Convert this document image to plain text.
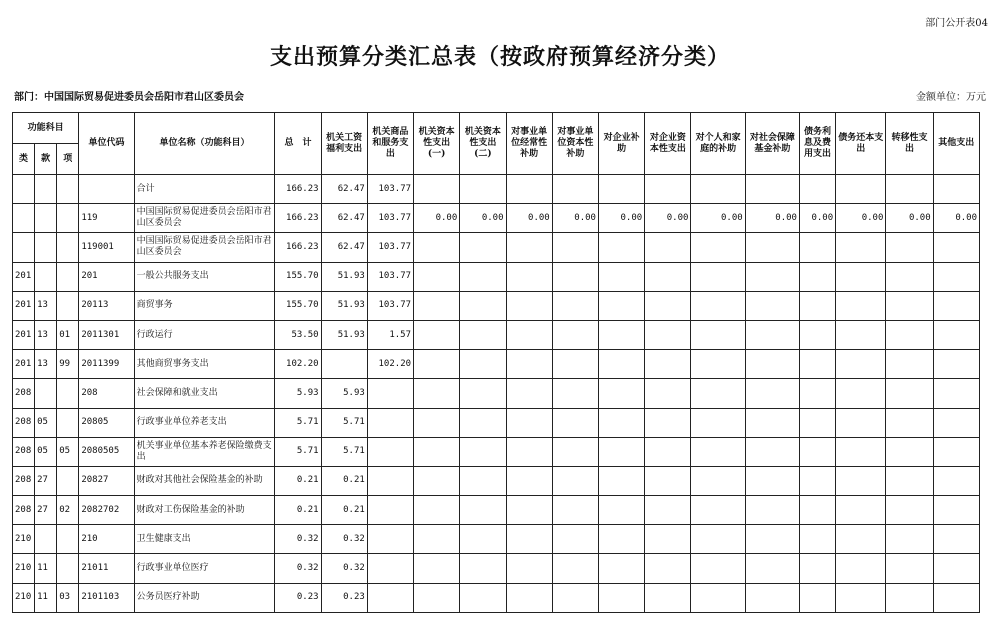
部门公开表04
支出预算分类汇总表（按政府预算经济分类）
部门：中国国际贸易促进委员会岳阳市君山区委员会	金额单位：万元
功能科目			单位代码	单位名称（功能科目）	总　计	机关工资福利支出	机关商品和服务支出	机关资本性支出(一)	机关资本性支出(二)	对事业单位经常性补助	对事业单位资本性补助	对企业补助	对企业资本性支出	对个人和家庭的补助	对社会保障基金补助	债务利息及费用支出	债务还本支出	转移性支出	其他支出
类	款	项																	
				合计	166.23	62.47	103.77												
			119	中国国际贸易促进委员会岳阳市君山区委员会	166.23	62.47	103.77	0.00	0.00	0.00	0.00	0.00	0.00	0.00	0.00	0.00	0.00	0.00	0.00
			119001	中国国际贸易促进委员会岳阳市君山区委员会	166.23	62.47	103.77												
201			201	一般公共服务支出	155.70	51.93	103.77												
201	13		20113	商贸事务	155.70	51.93	103.77												
201	13	01	2011301	行政运行	53.50	51.93	1.57												
201	13	99	2011399	其他商贸事务支出	102.20		102.20												
208			208	社会保障和就业支出	5.93	5.93													
208	05		20805	行政事业单位养老支出	5.71	5.71													
208	05	05	2080505	机关事业单位基本养老保险缴费支出	5.71	5.71													
208	27		20827	财政对其他社会保险基金的补助	0.21	0.21													
208	27	02	2082702	财政对工伤保险基金的补助	0.21	0.21													
210			210	卫生健康支出	0.32	0.32													
210	11		21011	行政事业单位医疗	0.32	0.32													
210	11	03	2101103	公务员医疗补助	0.23	0.23													
